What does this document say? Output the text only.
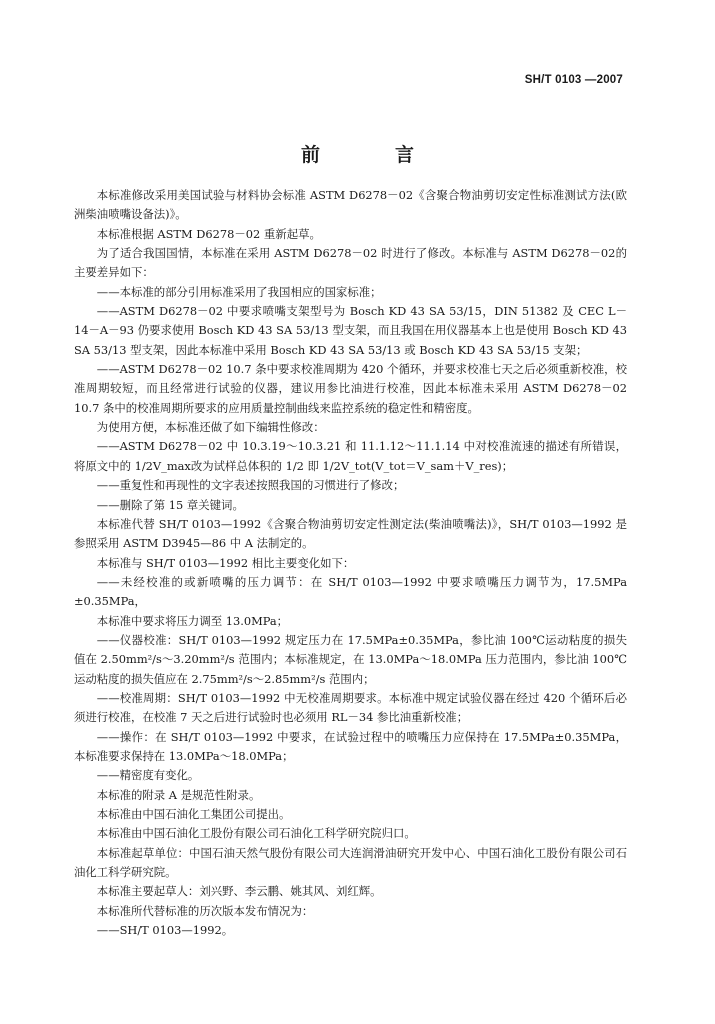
SH/T 0103 —2007
前　言

本标准修改采用美国试验与材料协会标准 ASTM D6278－02《含聚合物油剪切安定性标准测试方法(欧洲柴油喷嘴设备法)》。

本标准根据 ASTM D6278－02 重新起草。

为了适合我国国情，本标准在采用 ASTM D6278－02 时进行了修改。本标准与 ASTM D6278－02的主要差异如下：

——本标准的部分引用标准采用了我国相应的国家标准；

——ASTM D6278－02 中要求喷嘴支架型号为 Bosch KD 43 SA 53/15，DIN 51382 及 CEC L－14－A－93 仍要求使用 Bosch KD 43 SA 53/13 型支架，而且我国在用仪器基本上也是使用 Bosch KD 43 SA 53/13 型支架，因此本标准中采用 Bosch KD 43 SA 53/13 或 Bosch KD 43 SA 53/15 支架；

——ASTM D6278－02 10.7 条中要求校准周期为 420 个循环，并要求校准七天之后必须重新校准，校准周期较短，而且经常进行试验的仪器，建议用参比油进行校准，因此本标准未采用 ASTM D6278－02 10.7 条中的校准周期所要求的应用质量控制曲线来监控系统的稳定性和精密度。

为使用方便，本标准还做了如下编辑性修改：

——ASTM D6278－02 中 10.3.19～10.3.21 和 11.1.12～11.1.14 中对校准流速的描述有所错误，将原文中的 1/2V_max改为试样总体积的 1/2 即 1/2V_tot(V_tot＝V_sam＋V_res)；

——重复性和再现性的文字表述按照我国的习惯进行了修改；

——删除了第 15 章关键词。

本标准代替 SH/T 0103—1992《含聚合物油剪切安定性测定法(柴油喷嘴法)》，SH/T 0103—1992 是参照采用 ASTM D3945—86 中 A 法制定的。

本标准与 SH/T 0103—1992 相比主要变化如下：

——未经校准的或新喷嘴的压力调节：在 SH/T 0103—1992 中要求喷嘴压力调节为，17.5MPa ±0.35MPa，

本标准中要求将压力调至 13.0MPa；

——仪器校准：SH/T 0103—1992 规定压力在 17.5MPa±0.35MPa，参比油 100℃运动粘度的损失值在 2.50mm²/s～3.20mm²/s 范围内；本标准规定，在 13.0MPa～18.0MPa 压力范围内，参比油 100℃运动粘度的损失值应在 2.75mm²/s～2.85mm²/s 范围内；

——校准周期：SH/T 0103—1992 中无校准周期要求。本标准中规定试验仪器在经过 420 个循环后必须进行校准，在校准 7 天之后进行试验时也必须用 RL－34 参比油重新校准；

——操作：在 SH/T 0103—1992 中要求，在试验过程中的喷嘴压力应保持在 17.5MPa±0.35MPa，本标准要求保持在 13.0MPa～18.0MPa；

——精密度有变化。

本标准的附录 A 是规范性附录。

本标准由中国石油化工集团公司提出。

本标准由中国石油化工股份有限公司石油化工科学研究院归口。

本标准起草单位：中国石油天然气股份有限公司大连润滑油研究开发中心、中国石油化工股份有限公司石油化工科学研究院。

本标准主要起草人：刘兴野、李云鹏、姚其风、刘红辉。

本标准所代替标准的历次版本发布情况为：

——SH/T 0103—1992。
